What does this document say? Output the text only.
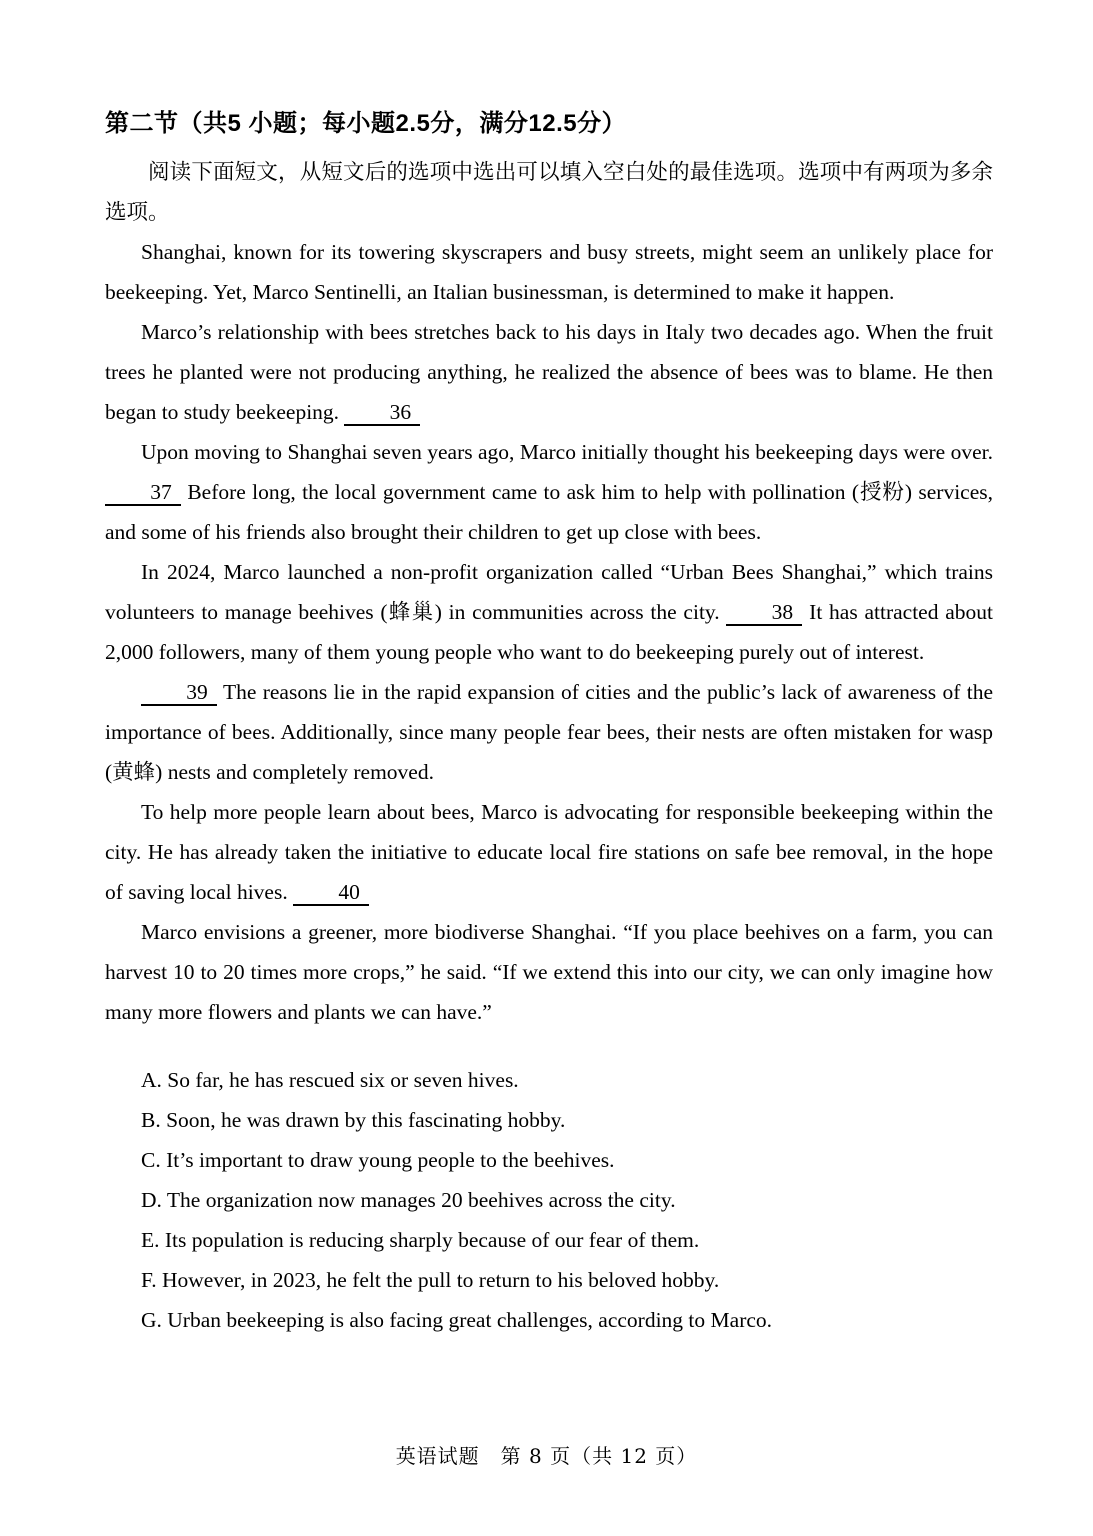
第二节（共5 小题；每小题2.5分，满分12.5分）

阅读下面短文，从短文后的选项中选出可以填入空白处的最佳选项。选项中有两项为多余选项。

Shanghai, known for its towering skyscrapers and busy streets, might seem an unlikely place for beekeeping. Yet, Marco Sentinelli, an Italian businessman, is determined to make it happen.

Marco’s relationship with bees stretches back to his days in Italy two decades ago. When the fruit trees he planted were not producing anything, he realized the absence of bees was to blame. He then began to study beekeeping. 36

Upon moving to Shanghai seven years ago, Marco initially thought his beekeeping days were over. 37 Before long, the local government came to ask him to help with pollination (授粉) services, and some of his friends also brought their children to get up close with bees.

In 2024, Marco launched a non-profit organization called “Urban Bees Shanghai,” which trains volunteers to manage beehives (蜂巢) in communities across the city. 38 It has attracted about 2,000 followers, many of them young people who want to do beekeeping purely out of interest.

39 The reasons lie in the rapid expansion of cities and the public’s lack of awareness of the importance of bees. Additionally, since many people fear bees, their nests are often mistaken for wasp (黄蜂) nests and completely removed.

To help more people learn about bees, Marco is advocating for responsible beekeeping within the city. He has already taken the initiative to educate local fire stations on safe bee removal, in the hope of saving local hives. 40

Marco envisions a greener, more biodiverse Shanghai. “If you place beehives on a farm, you can harvest 10 to 20 times more crops,” he said. “If we extend this into our city, we can only imagine how many more flowers and plants we can have.”

A. So far, he has rescued six or seven hives.

B. Soon, he was drawn by this fascinating hobby.

C. It’s important to draw young people to the beehives.

D. The organization now manages 20 beehives across the city.

E. Its population is reducing sharply because of our fear of them.

F. However, in 2023, he felt the pull to return to his beloved hobby.

G. Urban beekeeping is also facing great challenges, according to Marco.

英语试题　第 8 页（共 12 页）
